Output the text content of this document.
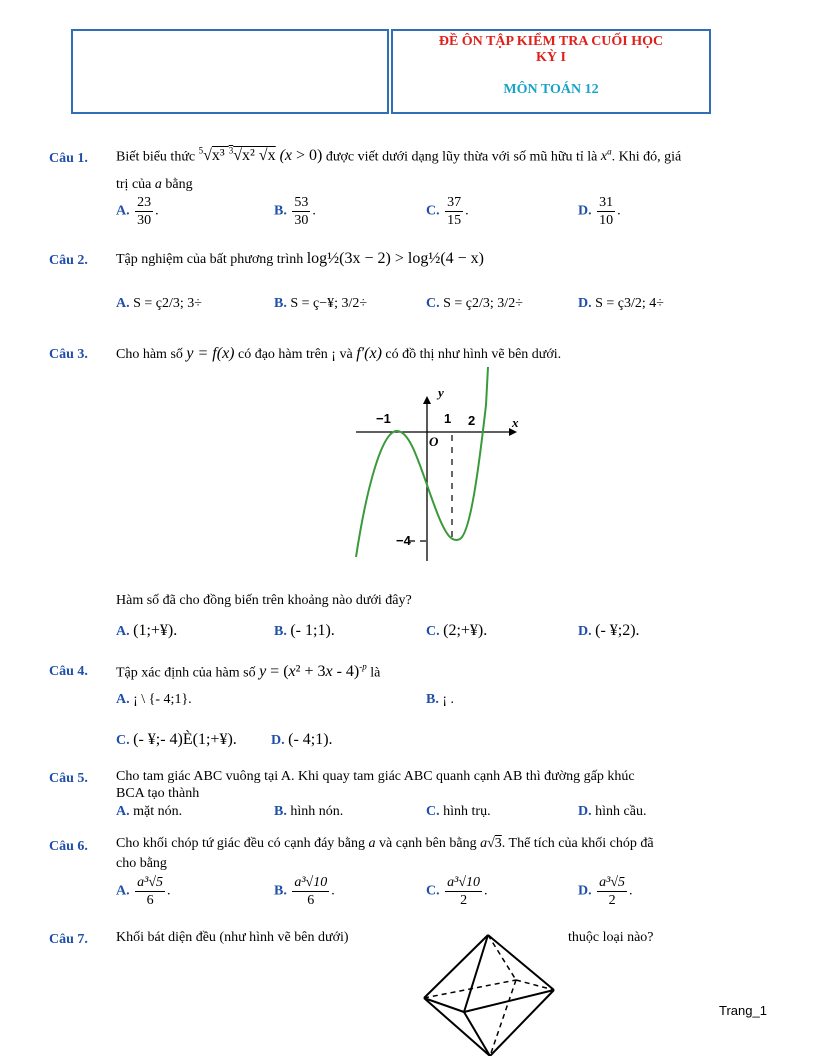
ĐỀ ÔN TẬP KIỂM TRA CUỐI HỌC KỲ I
MÔN TOÁN 12
Câu 1. Biết biểu thức $^5$√x³ $^3$√x² √x (x > 0) được viết dưới dạng lũy thừa với số mũ hữu tỉ là $x^a$. Khi đó, giá
trị của a bằng
A. $\frac{23}{30}$ .	B. $\frac{53}{30}$ .	C. $\frac{37}{15}$ .	D. $\frac{31}{10}$ .
Câu 2. Tập nghiệm của bất phương trình log½(3x − 2) > log½(4 − x)
A. S = ç2/3; 3÷	B. S = ç−¥; 3/2÷	C. S = ç2/3; 3/2÷	D. S = ç3/2; 4÷
Câu 3. Cho hàm số y = f(x) có đạo hàm trên ¡ và f′(x) có đồ thị như hình vẽ bên dưới.
y
x
−1	1 2
O
−4
Hàm số đã cho đồng biến trên khoảng nào dưới đây?
A. (1;+¥).	B. (- 1;1).	C. (2;+¥).	D. (- ¥;2).
Câu 4. Tập xác định của hàm số $y = (x^2 + 3x - 4)^{-p}$ là
A. ¡ \ {- 4;1}.	B. ¡ .
C. (- ¥;- 4)È(1;+¥). D. (- 4;1).
Câu 5. Cho tam giác ABC vuông tại A. Khi quay tam giác ABC quanh cạnh AB thì đường gấp khúc
BCA tạo thành
A. mặt nón.	B. hình nón.	C. hình trụ.	D. hình cầu.
Câu 6. Cho khối chóp tứ giác đều có cạnh đáy bằng a và cạnh bên bằng a√3. Thể tích của khối chóp đã
cho bằng
A. $\frac{\text{a³√5}}{6}$ .	B. $\frac{\text{a³√10}}{6}$ .	C. $\frac{\text{a³√10}}{2}$ .	D. $\frac{\text{a³√5}}{2}$ .
Câu 7. Khối bát diện đều (như hình vẽ bên dưới)	thuộc loại nào?
Trang_1
